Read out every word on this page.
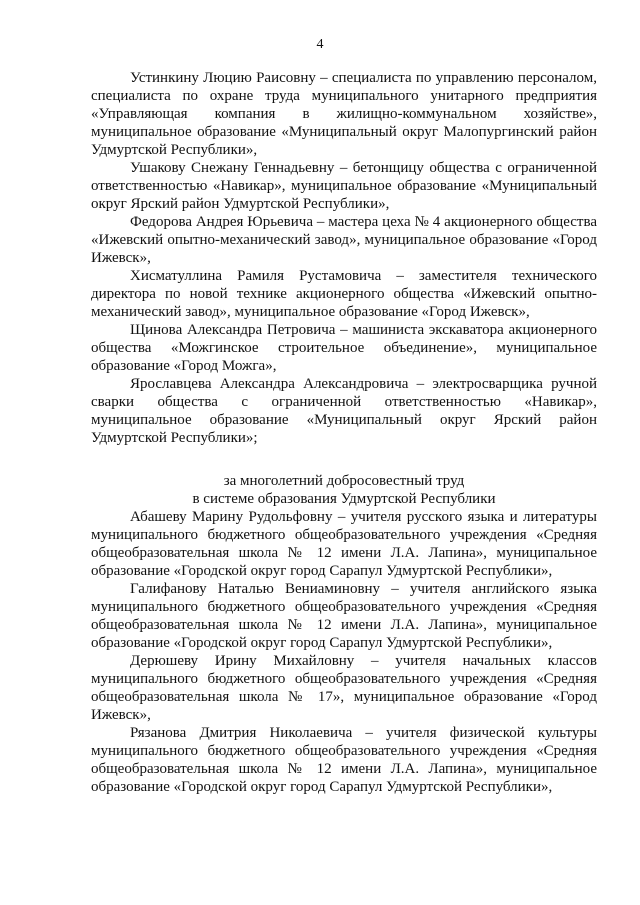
4

Устинкину Люцию Раисовну – специалиста по управлению персоналом, специалиста по охране труда муниципального унитарного предприятия «Управляющая компания в жилищно-коммунальном хозяйстве», муниципальное образование «Муниципальный округ Малопургинский район Удмуртской Республики»,

Ушакову Снежану Геннадьевну – бетонщицу общества с ограниченной ответственностью «Навикар», муниципальное образование «Муниципальный округ Ярский район Удмуртской Республики»,

Федорова Андрея Юрьевича – мастера цеха № 4 акционерного общества «Ижевский опытно-механический завод», муниципальное образование «Город Ижевск»,

Хисматуллина Рамиля Рустамовича – заместителя технического директора по новой технике акционерного общества «Ижевский опытно-механический завод», муниципальное образование «Город Ижевск»,

Щинова Александра Петровича – машиниста экскаватора акционерного общества «Можгинское строительное объединение», муниципальное образование «Город Можга»,

Ярославцева Александра Александровича – электросварщика ручной сварки общества с ограниченной ответственностью «Навикар», муниципальное образование «Муниципальный округ Ярский район Удмуртской Республики»;

за многолетний добросовестный труд
в системе образования Удмуртской Республики

Абашеву Марину Рудольфовну – учителя русского языка и литературы муниципального бюджетного общеобразовательного учреждения «Средняя общеобразовательная школа № 12 имени Л.А. Лапина», муниципальное образование «Городской округ город Сарапул Удмуртской Республики»,

Галифанову Наталью Вениаминовну – учителя английского языка муниципального бюджетного общеобразовательного учреждения «Средняя общеобразовательная школа № 12 имени Л.А. Лапина», муниципальное образование «Городской округ город Сарапул Удмуртской Республики»,

Дерюшеву Ирину Михайловну – учителя начальных классов муниципального бюджетного общеобразовательного учреждения «Средняя общеобразовательная школа № 17», муниципальное образование «Город Ижевск»,

Рязанова Дмитрия Николаевича – учителя физической культуры муниципального бюджетного общеобразовательного учреждения «Средняя общеобразовательная школа № 12 имени Л.А. Лапина», муниципальное образование «Городской округ город Сарапул Удмуртской Республики»,
